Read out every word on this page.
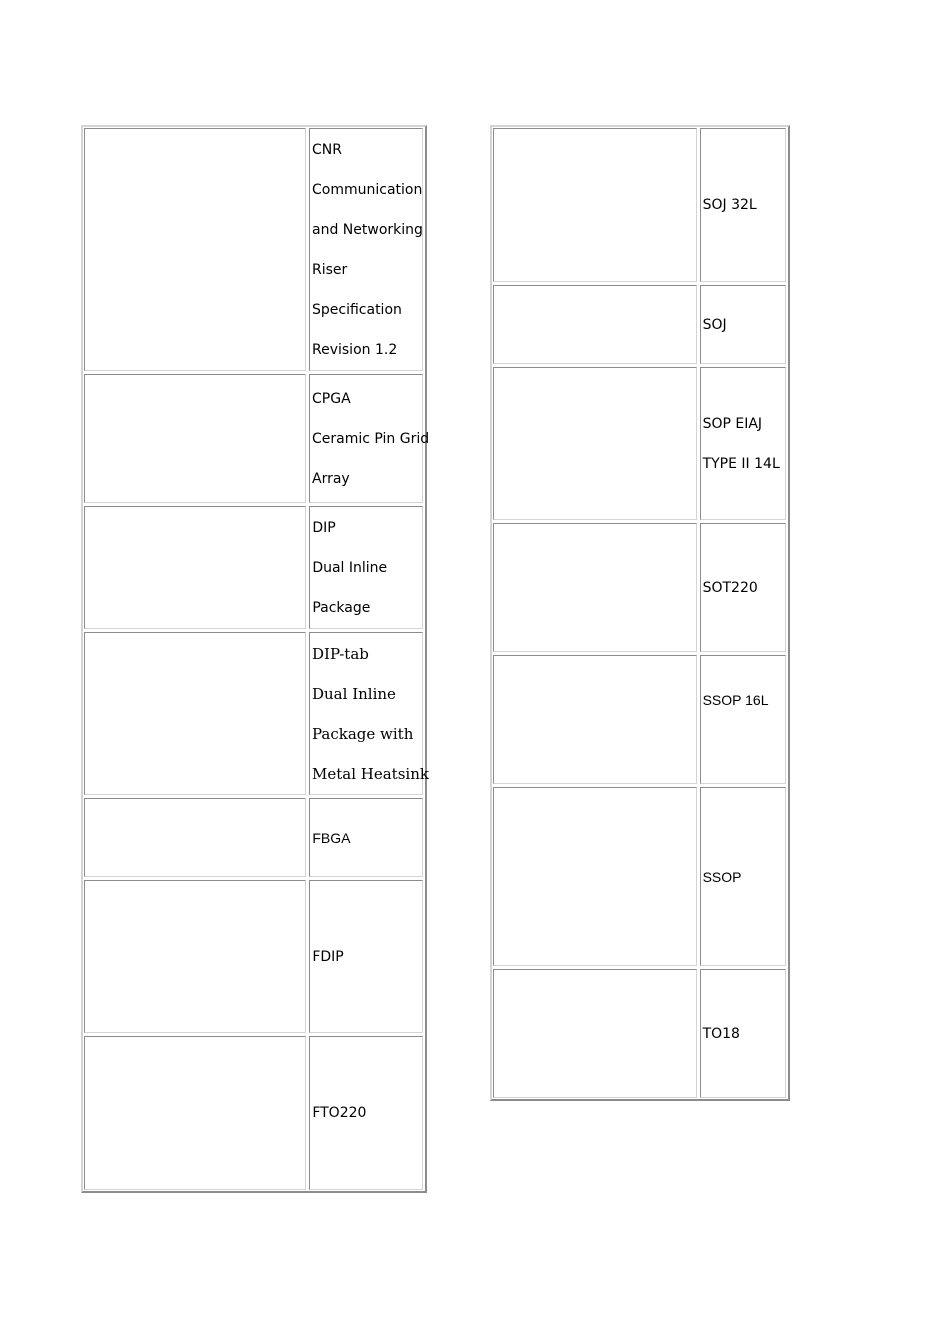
CNR
Communication
and Networking
Riser
Specification
Revision 1.2
CPGA
Ceramic Pin Grid
Array
DIP
Dual Inline
Package
DIP-tab
Dual Inline
Package with
Metal Heatsink
FBGA
FDIP
FTO220
SOJ 32L
SOJ
SOP EIAJ
TYPE II 14L
SOT220
SSOP 16L
SSOP
TO18
